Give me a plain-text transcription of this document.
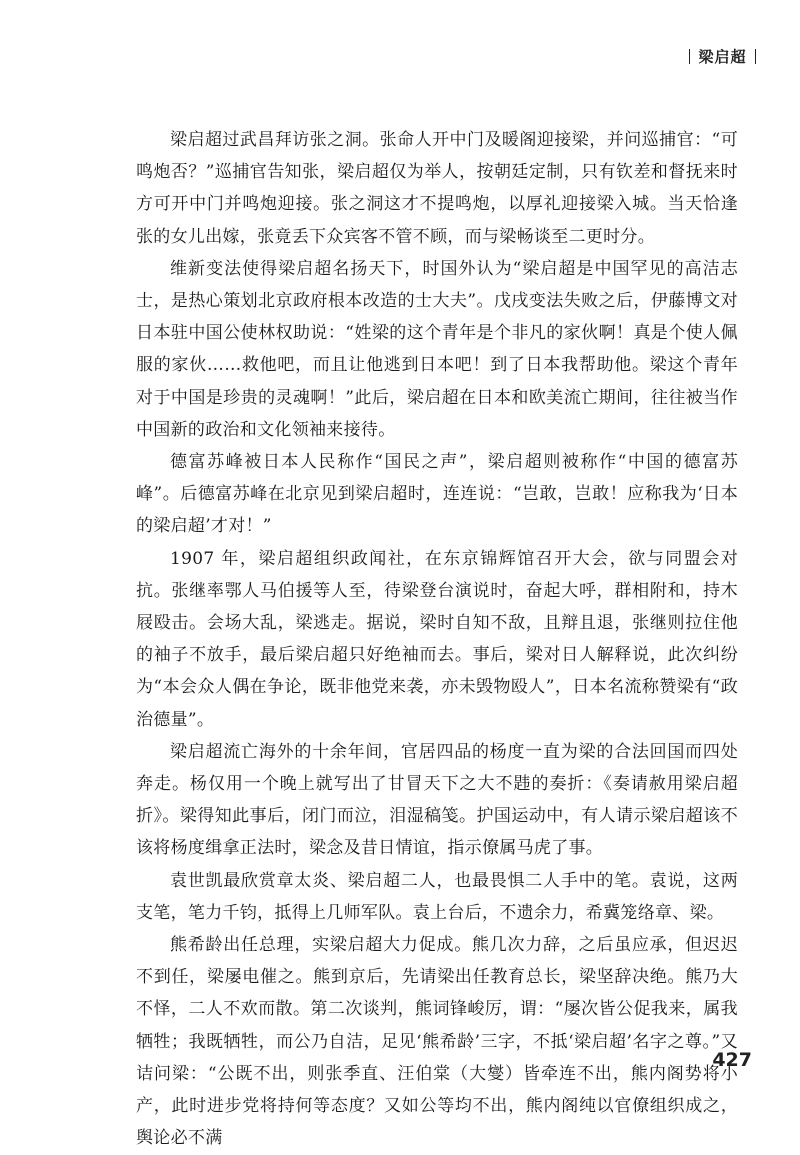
梁启超

梁启超过武昌拜访张之洞。张命人开中门及暖阁迎接梁，并问巡捕官：“可鸣炮否？”巡捕官告知张，梁启超仅为举人，按朝廷定制，只有钦差和督抚来时方可开中门并鸣炮迎接。张之洞这才不提鸣炮，以厚礼迎接梁入城。当天恰逢张的女儿出嫁，张竟丢下众宾客不管不顾，而与梁畅谈至二更时分。

维新变法使得梁启超名扬天下，时国外认为“梁启超是中国罕见的高洁志士，是热心策划北京政府根本改造的士大夫”。戊戌变法失败之后，伊藤博文对日本驻中国公使林权助说：“姓梁的这个青年是个非凡的家伙啊！真是个使人佩服的家伙……救他吧，而且让他逃到日本吧！到了日本我帮助他。梁这个青年对于中国是珍贵的灵魂啊！”此后，梁启超在日本和欧美流亡期间，往往被当作中国新的政治和文化领袖来接待。

德富苏峰被日本人民称作“国民之声”，梁启超则被称作“中国的德富苏峰”。后德富苏峰在北京见到梁启超时，连连说：“岂敢，岂敢！应称我为‘日本的梁启超’才对！”

1907 年，梁启超组织政闻社，在东京锦辉馆召开大会，欲与同盟会对抗。张继率鄂人马伯援等人至，待梁登台演说时，奋起大呼，群相附和，持木屐殴击。会场大乱，梁逃走。据说，梁时自知不敌，且辩且退，张继则拉住他的袖子不放手，最后梁启超只好绝袖而去。事后，梁对日人解释说，此次纠纷为“本会众人偶在争论，既非他党来袭，亦未毁物殴人”，日本名流称赞梁有“政治德量”。

梁启超流亡海外的十余年间，官居四品的杨度一直为梁的合法回国而四处奔走。杨仅用一个晚上就写出了甘冒天下之大不韪的奏折：《奏请赦用梁启超折》。梁得知此事后，闭门而泣，泪湿稿笺。护国运动中，有人请示梁启超该不该将杨度缉拿正法时，梁念及昔日情谊，指示僚属马虎了事。

袁世凯最欣赏章太炎、梁启超二人，也最畏惧二人手中的笔。袁说，这两支笔，笔力千钧，抵得上几师军队。袁上台后，不遗余力，希冀笼络章、梁。

熊希龄出任总理，实梁启超大力促成。熊几次力辞，之后虽应承，但迟迟不到任，梁屡电催之。熊到京后，先请梁出任教育总长，梁坚辞决绝。熊乃大不怿，二人不欢而散。第二次谈判，熊词锋峻厉，谓：“屡次皆公促我来，属我牺牲；我既牺牲，而公乃自洁，足见‘熊希龄’三字，不抵‘梁启超’名字之尊。”又诘问梁：“公既不出，则张季直、汪伯棠（大燮）皆牵连不出，熊内阁势将小产，此时进步党将持何等态度？又如公等均不出，熊内阁纯以官僚组织成之，舆论必不满

427
